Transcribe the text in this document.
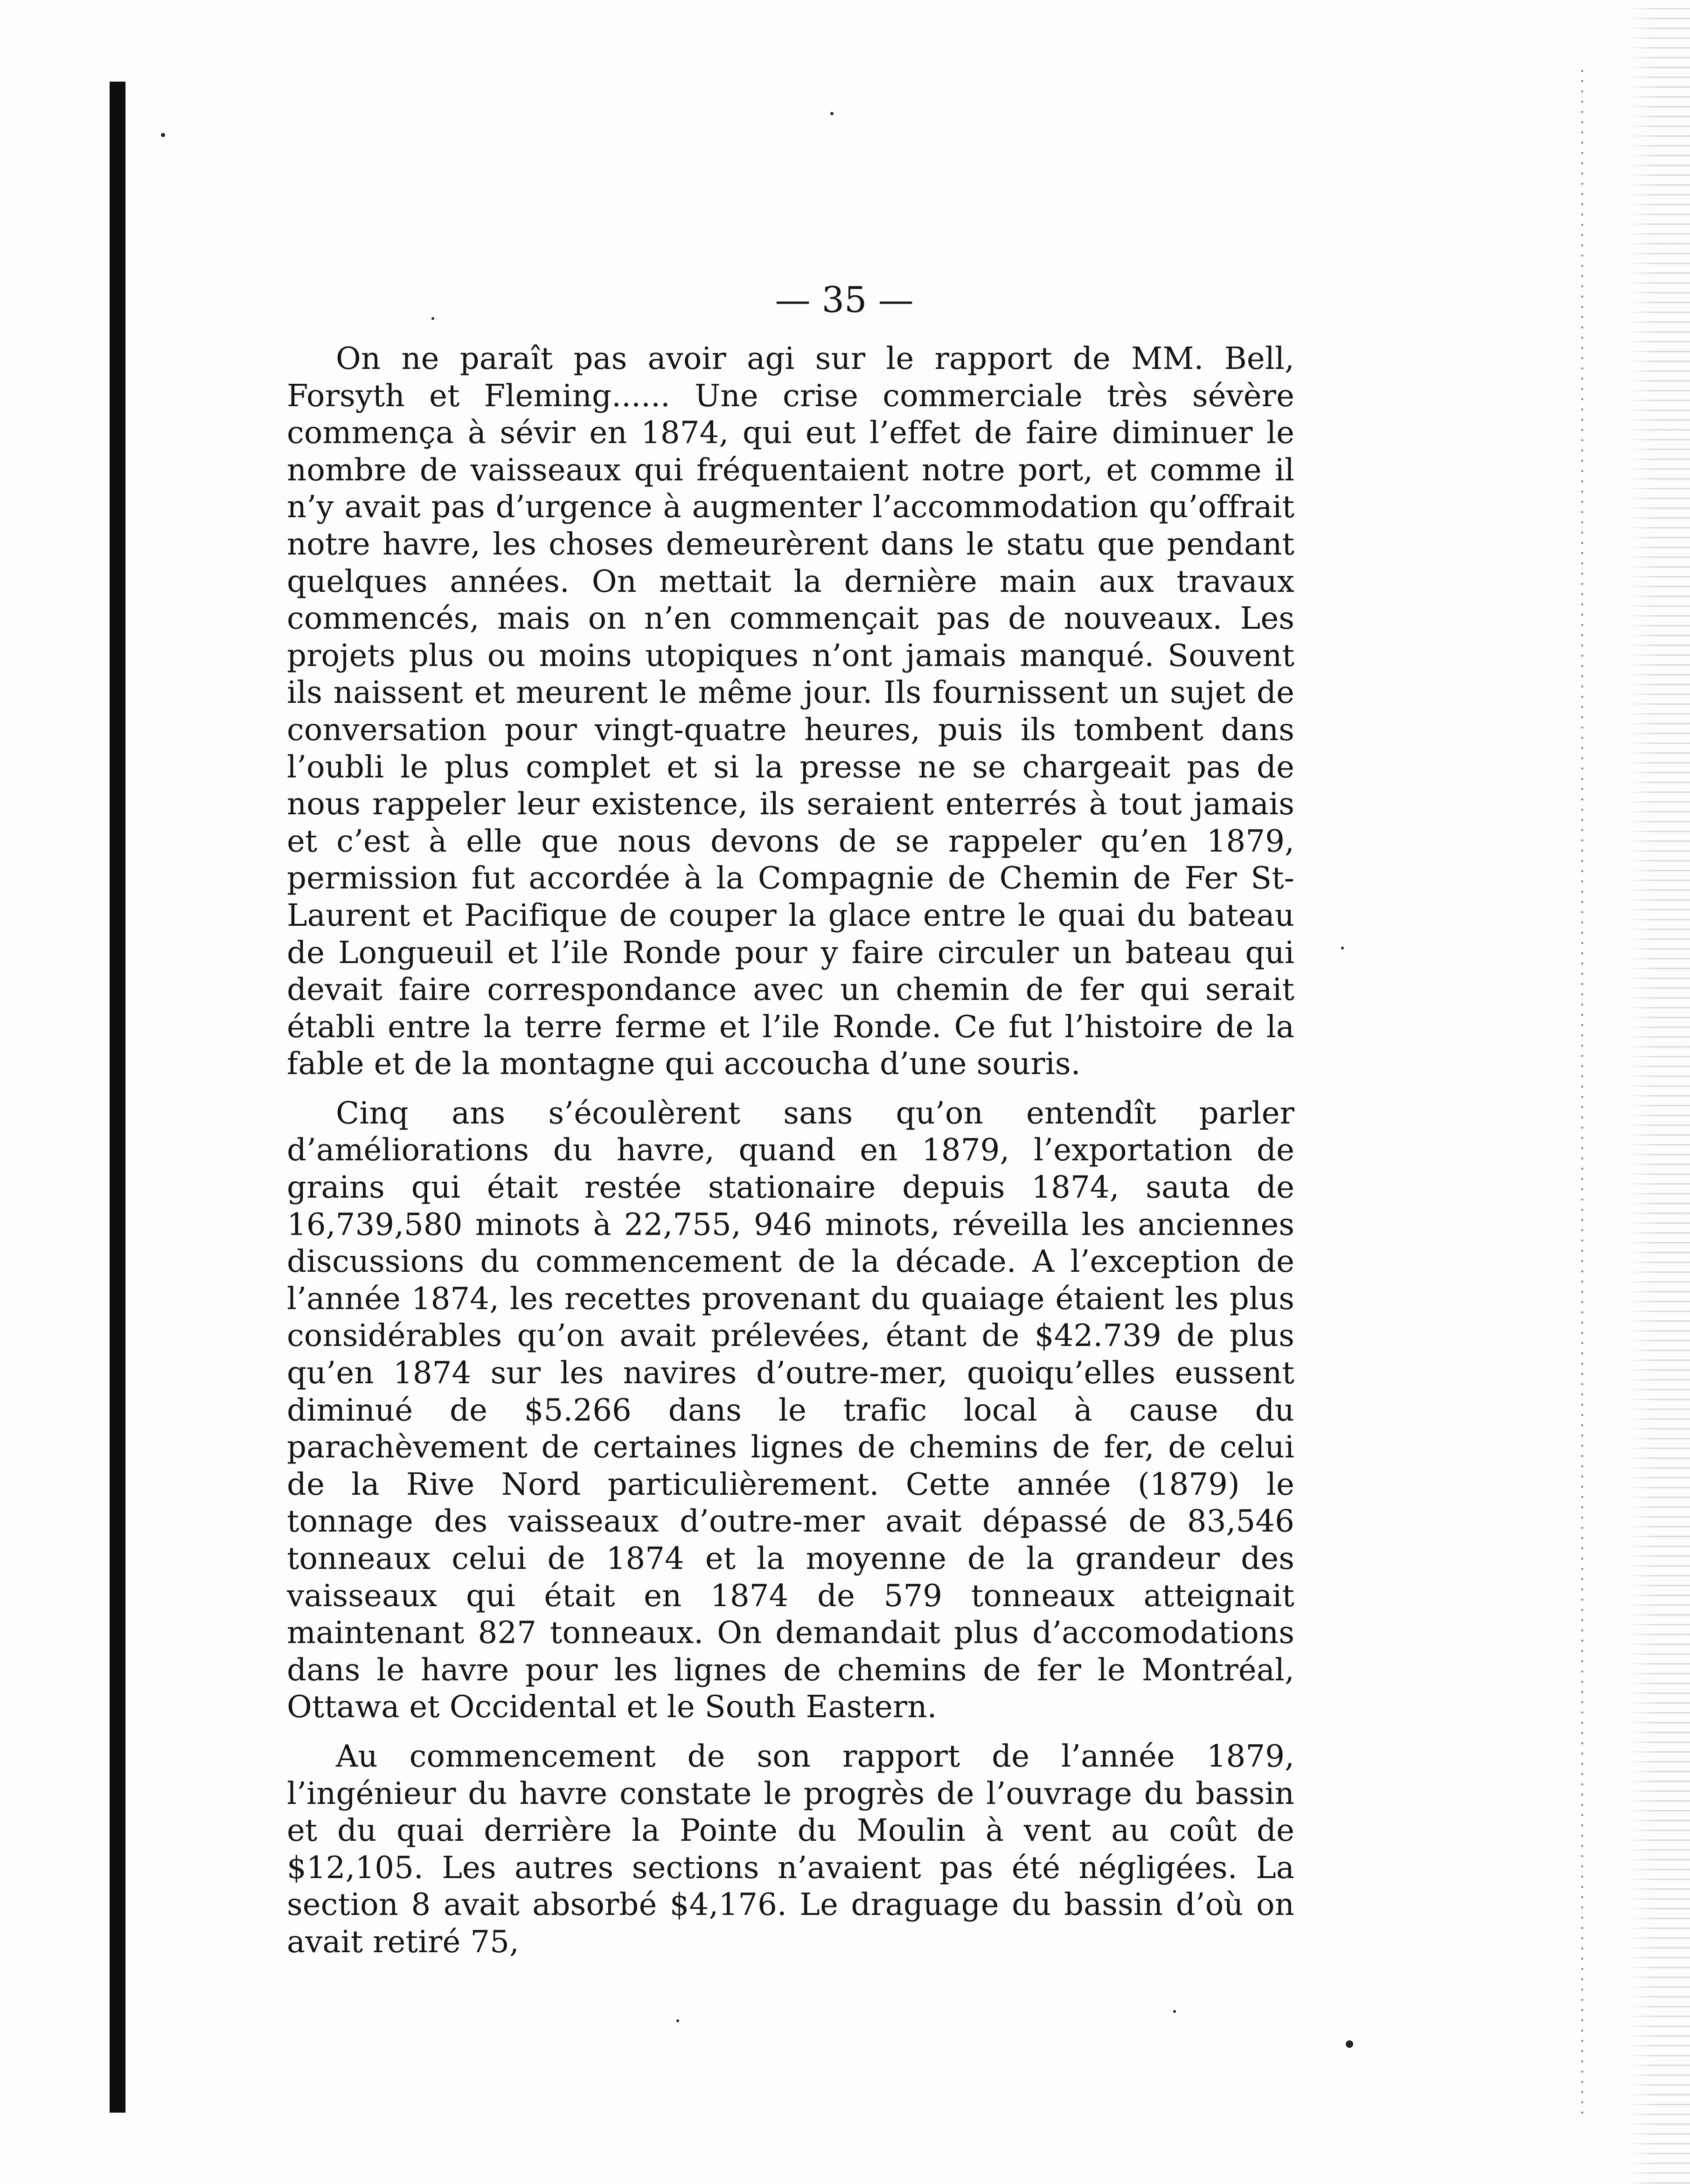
— 35 —

On ne paraît pas avoir agi sur le rapport de MM. Bell, Forsyth et Fleming...... Une crise commerciale très sévère commença à sévir en 1874, qui eut l’effet de faire diminuer le nombre de vaisseaux qui fréquentaient notre port, et comme il n’y avait pas d’urgence à augmenter l’accommodation qu’offrait notre havre, les choses demeurèrent dans le statu que pendant quelques années. On mettait la dernière main aux travaux commencés, mais on n’en commençait pas de nouveaux. Les projets plus ou moins utopiques n’ont jamais manqué. Souvent ils naissent et meurent le même jour. Ils fournissent un sujet de conversation pour vingt-quatre heures, puis ils tombent dans l’oubli le plus complet et si la presse ne se chargeait pas de nous rappeler leur existence, ils seraient enterrés à tout jamais et c’est à elle que nous devons de se rappeler qu’en 1879, permission fut accordée à la Compagnie de Chemin de Fer St-Laurent et Pacifique de couper la glace entre le quai du bateau de Longueuil et l’ile Ronde pour y faire circuler un bateau qui devait faire correspondance avec un chemin de fer qui serait établi entre la terre ferme et l’ile Ronde. Ce fut l’histoire de la fable et de la montagne qui accoucha d’une souris.

Cinq ans s’écoulèrent sans qu’on entendît parler d’améliorations du havre, quand en 1879, l’exportation de grains qui était restée stationaire depuis 1874, sauta de 16,739,580 minots à 22,755, 946 minots, réveilla les anciennes discussions du commencement de la décade. A l’exception de l’année 1874, les recettes provenant du quaiage étaient les plus considérables qu’on avait prélevées, étant de $42.739 de plus qu’en 1874 sur les navires d’outre-mer, quoiqu’elles eussent diminué de $5.266 dans le trafic local à cause du parachèvement de certaines lignes de chemins de fer, de celui de la Rive Nord particulièrement. Cette année (1879) le tonnage des vaisseaux d’outre-mer avait dépassé de 83,546 tonneaux celui de 1874 et la moyenne de la grandeur des vaisseaux qui était en 1874 de 579 tonneaux atteignait maintenant 827 tonneaux. On demandait plus d’accomodations dans le havre pour les lignes de chemins de fer le Montréal, Ottawa et Occidental et le South Eastern.

Au commencement de son rapport de l’année 1879, l’ingénieur du havre constate le progrès de l’ouvrage du bassin et du quai derrière la Pointe du Moulin à vent au coût de $12,105. Les autres sections n’avaient pas été négligées. La section 8 avait absorbé $4,176. Le draguage du bassin d’où on avait retiré 75,
